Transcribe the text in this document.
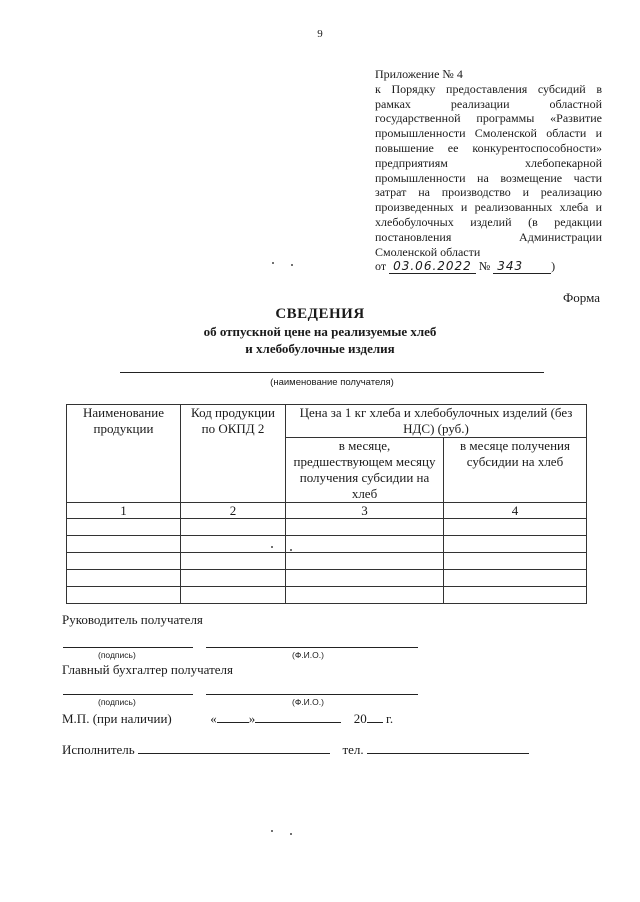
9
Приложение № 4
к Порядку предоставления субсидий в рамках реализации областной государственной программы «Развитие промышленности Смоленской области и повышение ее конкурентоспособности» предприятиям хлебопекарной промышленности на возмещение части затрат на производство и реализацию произведенных и реализованных хлеба и хлебобулочных изделий (в редакции постановления Администрации Смоленской области
от 03.06.2022 № 343 )
Форма
СВЕДЕНИЯ
об отпускной цене на реализуемые хлеб
и хлебобулочные изделия
(наименование получателя)
Наименование продукции	Код продукции по ОКПД 2	Цена за 1 кг хлеба и хлебобулочных изделий (без НДС) (руб.)	
		в месяце, предшествующем месяцу получения субсидии на хлеб	в месяце получения субсидии на хлеб
1	2	3	4

Руководитель получателя
(подпись)	(Ф.И.О.)
Главный бухгалтер получателя
(подпись)	(Ф.И.О.)
М.П. (при наличии)	« »	20 г.
Исполнитель	тел.
